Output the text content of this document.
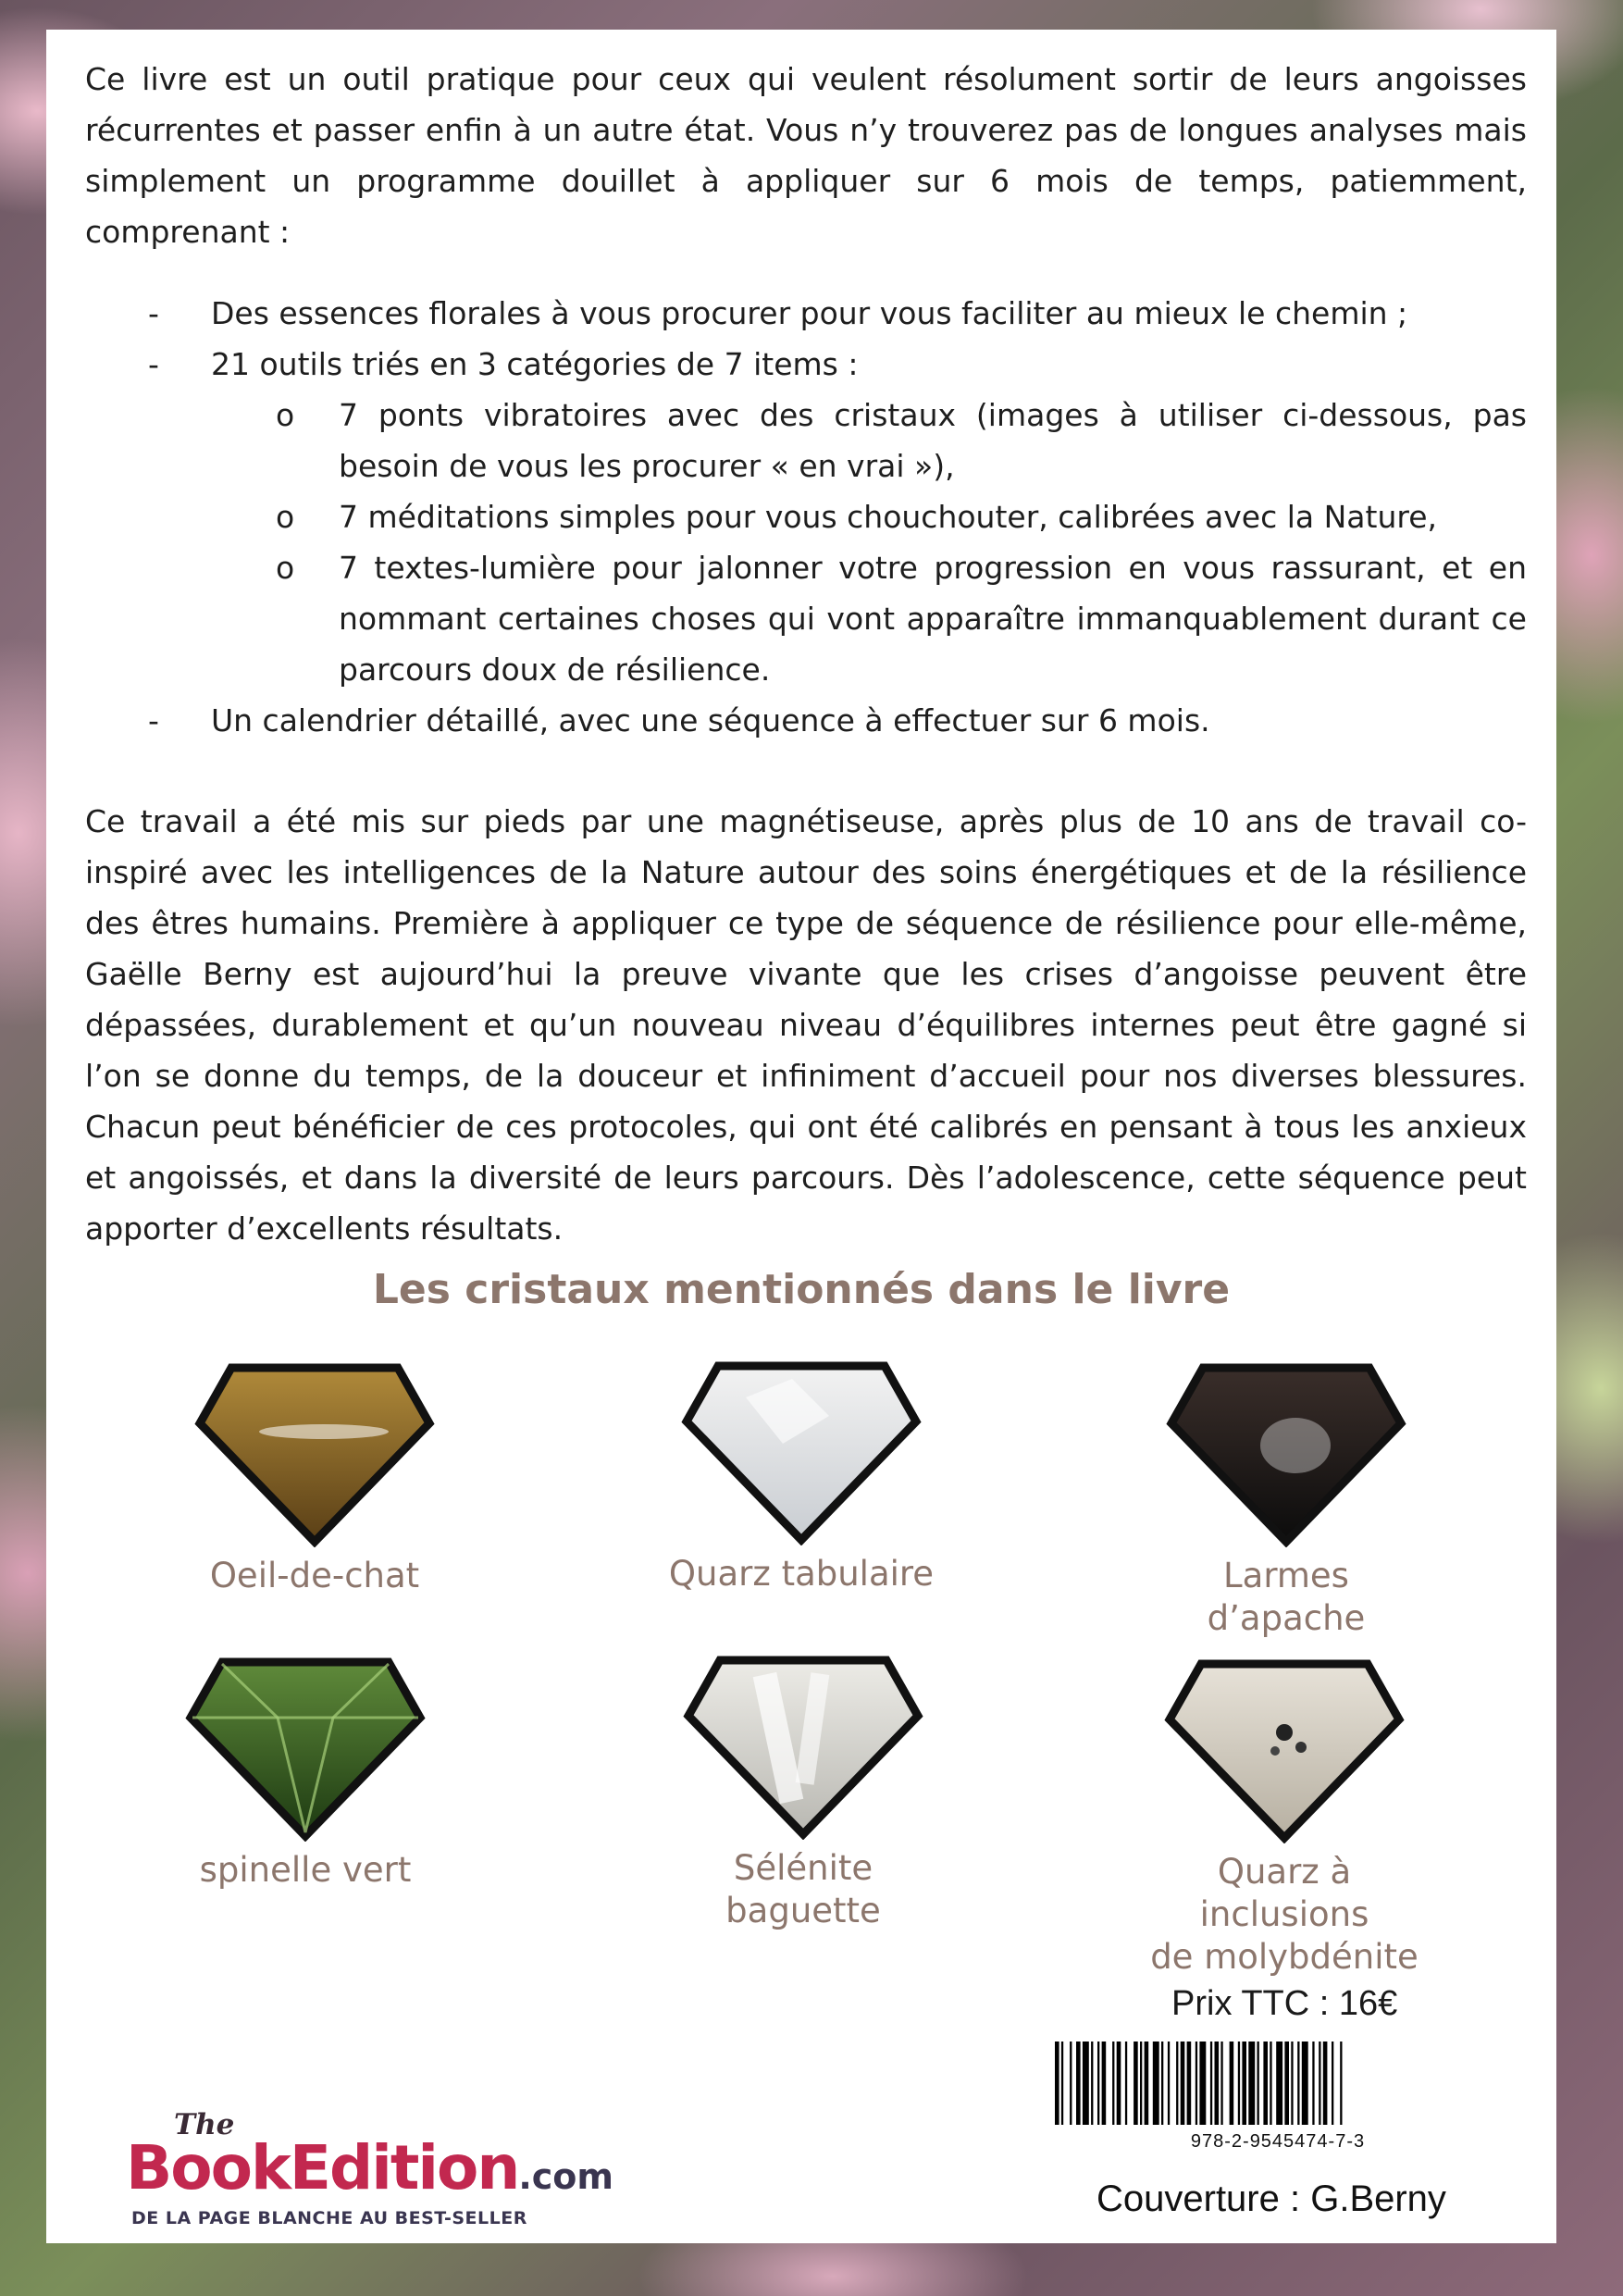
Ce livre est un outil pratique pour ceux qui veulent résolument sortir de leurs angoisses récurrentes et passer enfin à un autre état. Vous n’y trouverez pas de longues analyses mais simplement un programme douillet à appliquer sur 6 mois de temps, patiemment, comprenant :

- Des essences florales à vous procurer pour vous faciliter au mieux le chemin ;
- 21 outils triés en 3 catégories de 7 items :
o 7 ponts vibratoires avec des cristaux (images à utiliser ci-dessous, pas besoin de vous les procurer « en vrai »),
o 7 méditations simples pour vous chouchouter, calibrées avec la Nature,
o 7 textes-lumière pour jalonner votre progression en vous rassurant, et en nommant certaines choses qui vont apparaître immanquablement durant ce parcours doux de résilience.
- Un calendrier détaillé, avec une séquence à effectuer sur 6 mois.

Ce travail a été mis sur pieds par une magnétiseuse, après plus de 10 ans de travail co-inspiré avec les intelligences de la Nature autour des soins énergétiques et de la résilience des êtres humains. Première à appliquer ce type de séquence de résilience pour elle-même, Gaëlle Berny est aujourd’hui la preuve vivante que les crises d’angoisse peuvent être dépassées, durablement et qu’un nouveau niveau d’équilibres internes peut être gagné si l’on se donne du temps, de la douceur et infiniment d’accueil pour nos diverses blessures. Chacun peut bénéficier de ces protocoles, qui ont été calibrés en pensant à tous les anxieux et angoissés, et dans la diversité de leurs parcours. Dès l’adolescence, cette séquence peut apporter d’excellents résultats.

Les cristaux mentionnés dans le livre
Oeil-de-chat	Quarz tabulaire	Larmes d’apache
spinelle vert	Sélénite baguette
Quarz à inclusions
de molybdénite
Prix TTC : 16€
978-2-9545474-7-3
The
BookEdition.com
DE LA PAGE BLANCHE AU BEST-SELLER	Couverture : G.Berny
